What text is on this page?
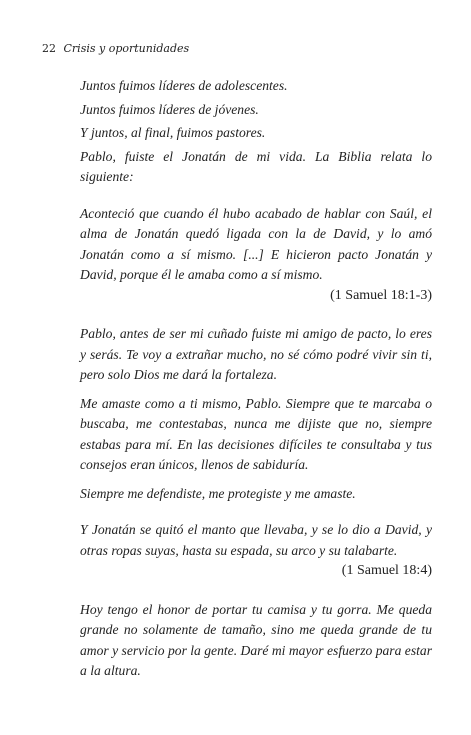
22 Crisis y oportunidades

Juntos fuimos líderes de adolescentes.

Juntos fuimos líderes de jóvenes.

Y juntos, al final, fuimos pastores.

Pablo, fuiste el Jonatán de mi vida. La Biblia relata lo siguiente:

Aconteció que cuando él hubo acabado de hablar con Saúl, el alma de Jonatán quedó ligada con la de David, y lo amó Jonatán como a sí mismo. [...] E hicieron pacto Jonatán y David, porque él le amaba como a sí mismo.

(1 Samuel 18:1-3)

Pablo, antes de ser mi cuñado fuiste mi amigo de pacto, lo eres y serás. Te voy a extrañar mucho, no sé cómo podré vivir sin ti, pero solo Dios me dará la fortaleza.

Me amaste como a ti mismo, Pablo. Siempre que te marcaba o buscaba, me contestabas, nunca me dijiste que no, siempre estabas para mí. En las decisiones difíciles te consultaba y tus consejos eran únicos, llenos de sabiduría.

Siempre me defendiste, me protegiste y me amaste.

Y Jonatán se quitó el manto que llevaba, y se lo dio a David, y otras ropas suyas, hasta su espada, su arco y su talabarte.

(1 Samuel 18:4)

Hoy tengo el honor de portar tu camisa y tu gorra. Me queda grande no solamente de tamaño, sino me queda grande de tu amor y servicio por la gente. Daré mi mayor esfuerzo para estar a la altura.
